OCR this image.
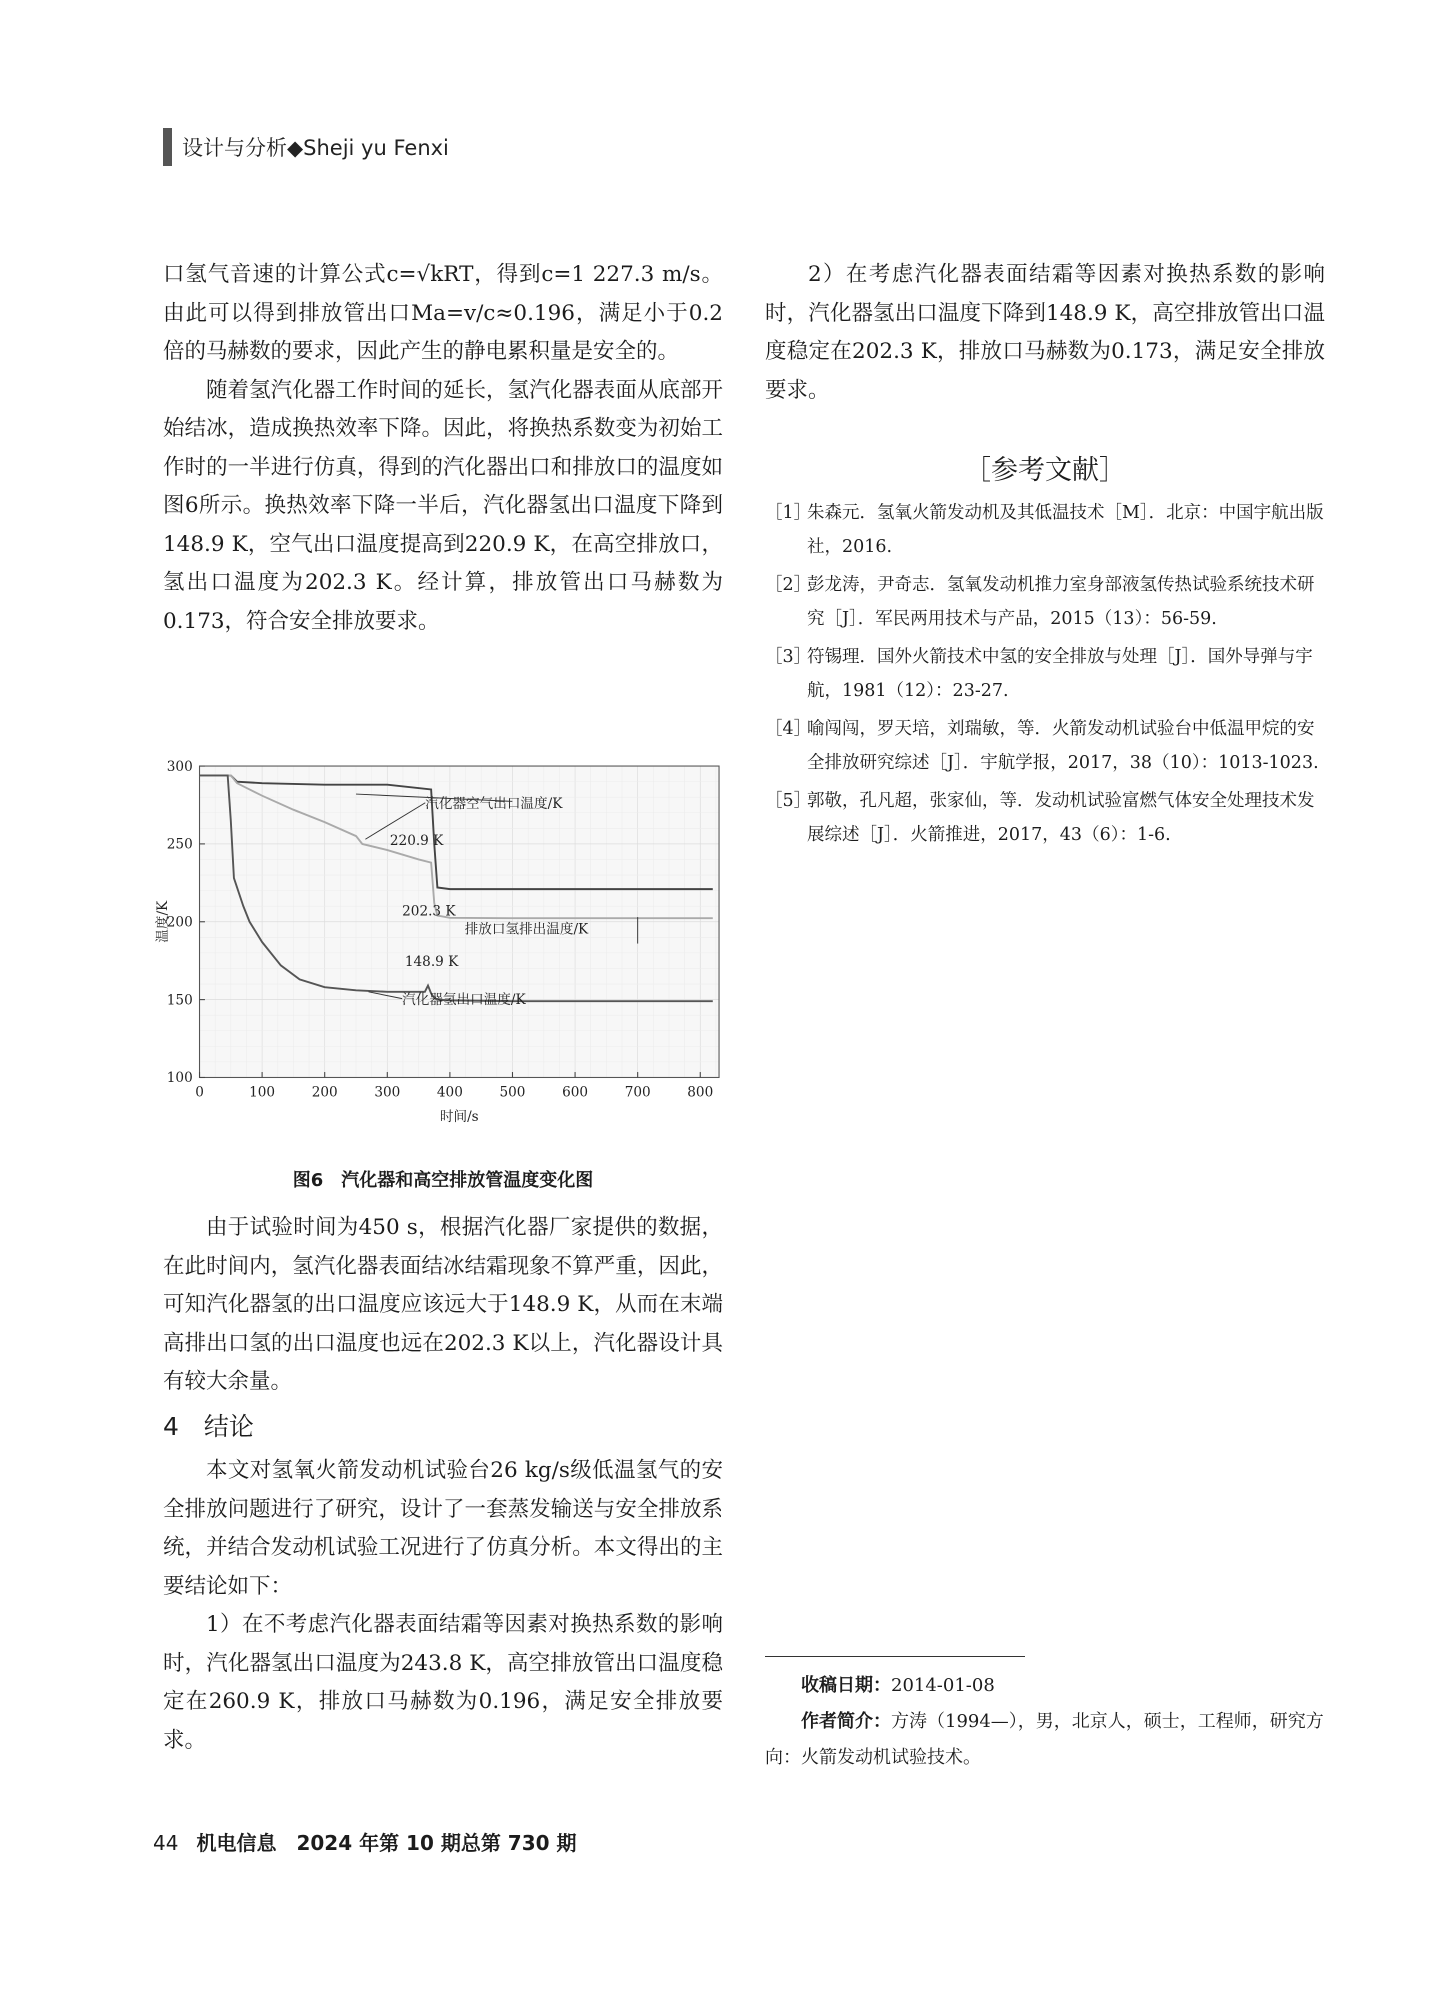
设计与分析◆Sheji yu Fenxi

口氢气音速的计算公式c=√kRT，得到c=1 227.3 m/s。由此可以得到排放管出口Ma=v/c≈0.196，满足小于0.2倍的马赫数的要求，因此产生的静电累积量是安全的。

随着氢汽化器工作时间的延长，氢汽化器表面从底部开始结冰，造成换热效率下降。因此，将换热系数变为初始工作时的一半进行仿真，得到的汽化器出口和排放口的温度如图6所示。换热效率下降一半后，汽化器氢出口温度下降到148.9 K，空气出口温度提高到220.9 K，在高空排放口，氢出口温度为202.3 K。经计算，排放管出口马赫数为0.173，符合安全排放要求。

0	100	200	300	400	500	600	700	800
100
150
200
250
300
时间/s
温度/K
汽化器空气出口温度/K
220.9 K
202.3 K
排放口氢排出温度/K
148.9 K
汽化器氢出口温度/K
图6　汽化器和高空排放管温度变化图

由于试验时间为450 s，根据汽化器厂家提供的数据，在此时间内，氢汽化器表面结冰结霜现象不算严重，因此，可知汽化器氢的出口温度应该远大于148.9 K，从而在末端高排出口氢的出口温度也远在202.3 K以上，汽化器设计具有较大余量。

4　结论

本文对氢氧火箭发动机试验台26 kg/s级低温氢气的安全排放问题进行了研究，设计了一套蒸发输送与安全排放系统，并结合发动机试验工况进行了仿真分析。本文得出的主要结论如下：

1）在不考虑汽化器表面结霜等因素对换热系数的影响时，汽化器氢出口温度为243.8 K，高空排放管出口温度稳定在260.9 K，排放口马赫数为0.196，满足安全排放要求。

2）在考虑汽化器表面结霜等因素对换热系数的影响时，汽化器氢出口温度下降到148.9 K，高空排放管出口温度稳定在202.3 K，排放口马赫数为0.173，满足安全排放要求。

［参考文献］
［1］
朱森元．氢氧火箭发动机及其低温技术［M］．北京：中国宇航出版社，2016.
［2］
彭龙涛，尹奇志．氢氧发动机推力室身部液氢传热试验系统技术研究［J］．军民两用技术与产品，2015（13）：56-59.
［3］
符锡理．国外火箭技术中氢的安全排放与处理［J］．国外导弹与宇航，1981（12）：23-27.
［4］
喻闯闯，罗天培，刘瑞敏，等．火箭发动机试验台中低温甲烷的安全排放研究综述［J］．宇航学报，2017，38（10）：1013-1023.
［5］
郭敬，孔凡超，张家仙，等．发动机试验富燃气体安全处理技术发展综述［J］．火箭推进，2017，43（6）：1-6.
收稿日期：2014-01-08
作者简介：方涛（1994—），男，北京人，硕士，工程师，研究方向：火箭发动机试验技术。
44 机电信息　2024 年第 10 期总第 730 期
